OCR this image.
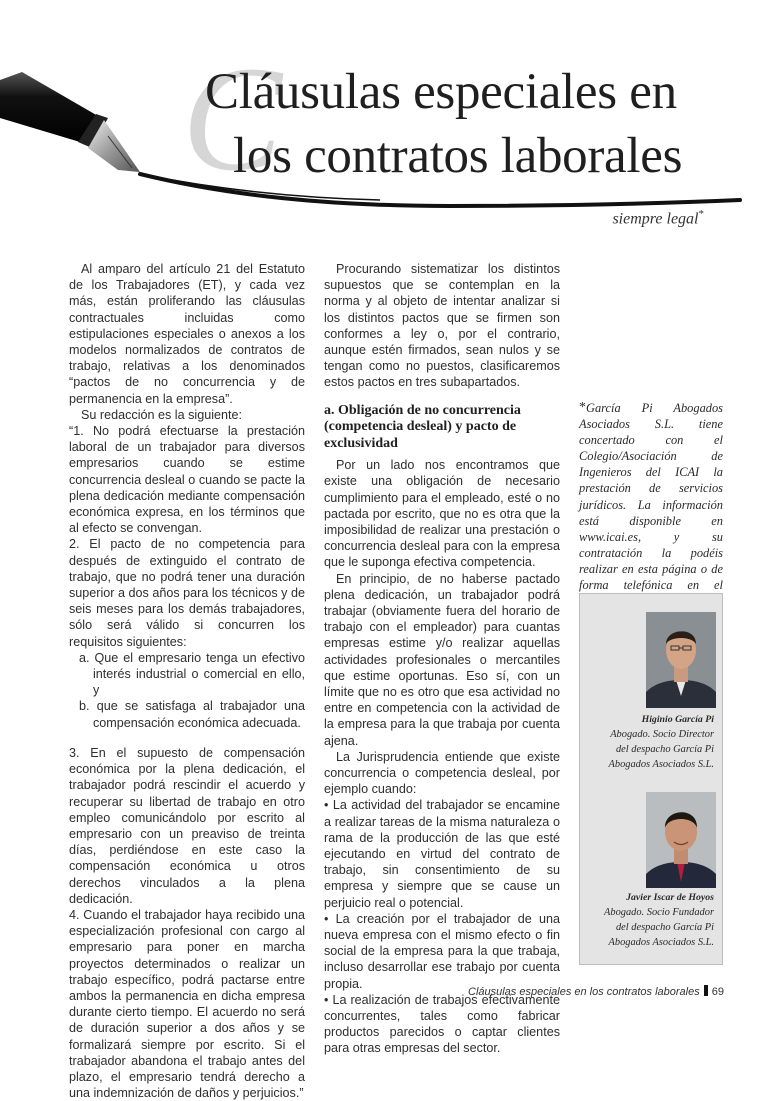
C
Cláusulas especiales en
los contratos laborales
siempre legal*

Al amparo del artículo 21 del Estatuto de los Trabajadores (ET), y cada vez más, están proliferando las cláusulas contractuales incluidas como estipulaciones especiales o anexos a los modelos normalizados de contratos de trabajo, relativas a los denominados “pactos de no concurrencia y de permanencia en la empresa”.

Su redacción es la siguiente:

“1. No podrá efectuarse la prestación laboral de un trabajador para diversos empresarios cuando se estime concurrencia desleal o cuando se pacte la plena dedicación mediante compensación económica expresa, en los términos que al efecto se convengan.

2. El pacto de no competencia para después de extinguido el contrato de trabajo, que no podrá tener una duración superior a dos años para los técnicos y de seis meses para los demás trabajadores, sólo será válido si concurren los requisitos siguientes:

a. Que el empresario tenga un efectivo interés industrial o comercial en ello, y

b. que se satisfaga al trabajador una compensación económica adecuada.

3. En el supuesto de compensación económica por la plena dedicación, el trabajador podrá rescindir el acuerdo y recuperar su libertad de trabajo en otro empleo comunicándolo por escrito al empresario con un preaviso de treinta días, perdiéndose en este caso la compensación económica u otros derechos vinculados a la plena dedicación.

4. Cuando el trabajador haya recibido una especialización profesional con cargo al empresario para poner en marcha proyectos determinados o realizar un trabajo específico, podrá pactarse entre ambos la permanencia en dicha empresa durante cierto tiempo. El acuerdo no será de duración superior a dos años y se formalizará siempre por escrito. Si el trabajador abandona el trabajo antes del plazo, el empresario tendrá derecho a una indemnización de daños y perjuicios.”

Procurando sistematizar los distintos supuestos que se contemplan en la norma y al objeto de intentar analizar si los distintos pactos que se firmen son conformes a ley o, por el contrario, aunque estén firmados, sean nulos y se tengan como no puestos, clasificaremos estos pactos en tres subapartados.

a. Obligación de no concurrencia (competencia desleal) y pacto de exclusividad

Por un lado nos encontramos que existe una obligación de necesario cumplimiento para el empleado, esté o no pactada por escrito, que no es otra que la imposibilidad de realizar una prestación o concurrencia desleal para con la empresa que le suponga efectiva competencia.

En principio, de no haberse pactado plena dedicación, un trabajador podrá trabajar (obviamente fuera del horario de trabajo con el empleador) para cuantas empresas estime y/o realizar aquellas actividades profesionales o mercantiles que estime oportunas. Eso sí, con un límite que no es otro que esa actividad no entre en competencia con la actividad de la empresa para la que trabaja por cuenta ajena.

La Jurisprudencia entiende que existe concurrencia o competencia desleal, por ejemplo cuando:

• La actividad del trabajador se encamine a realizar tareas de la misma naturaleza o rama de la producción de las que esté ejecutando en virtud del contrato de trabajo, sin consentimiento de su empresa y siempre que se cause un perjuicio real o potencial.

• La creación por el trabajador de una nueva empresa con el mismo efecto o fin social de la empresa para la que trabaja, incluso desarrollar ese trabajo por cuenta propia.

• La realización de trabajos efectivamente concurrentes, tales como fabricar productos parecidos o captar clientes para otras empresas del sector.

*García Pi Abogados Asociados S.L. tiene concertado con el Colegio/Asociación de Ingenieros del ICAI la prestación de servicios jurídicos. La información está disponible en www.icai.es, y su contratación la podéis realizar en esta página o de forma telefónica en el
Higinio García Pi
Abogado. Socio Director
del despacho García Pi
Abogados Asociados S.L.
Javier Iscar de Hoyos
Abogado. Socio Fundador
del despacho García Pi
Abogados Asociados S.L.
Cláusulas especiales en los contratos laborales 69
